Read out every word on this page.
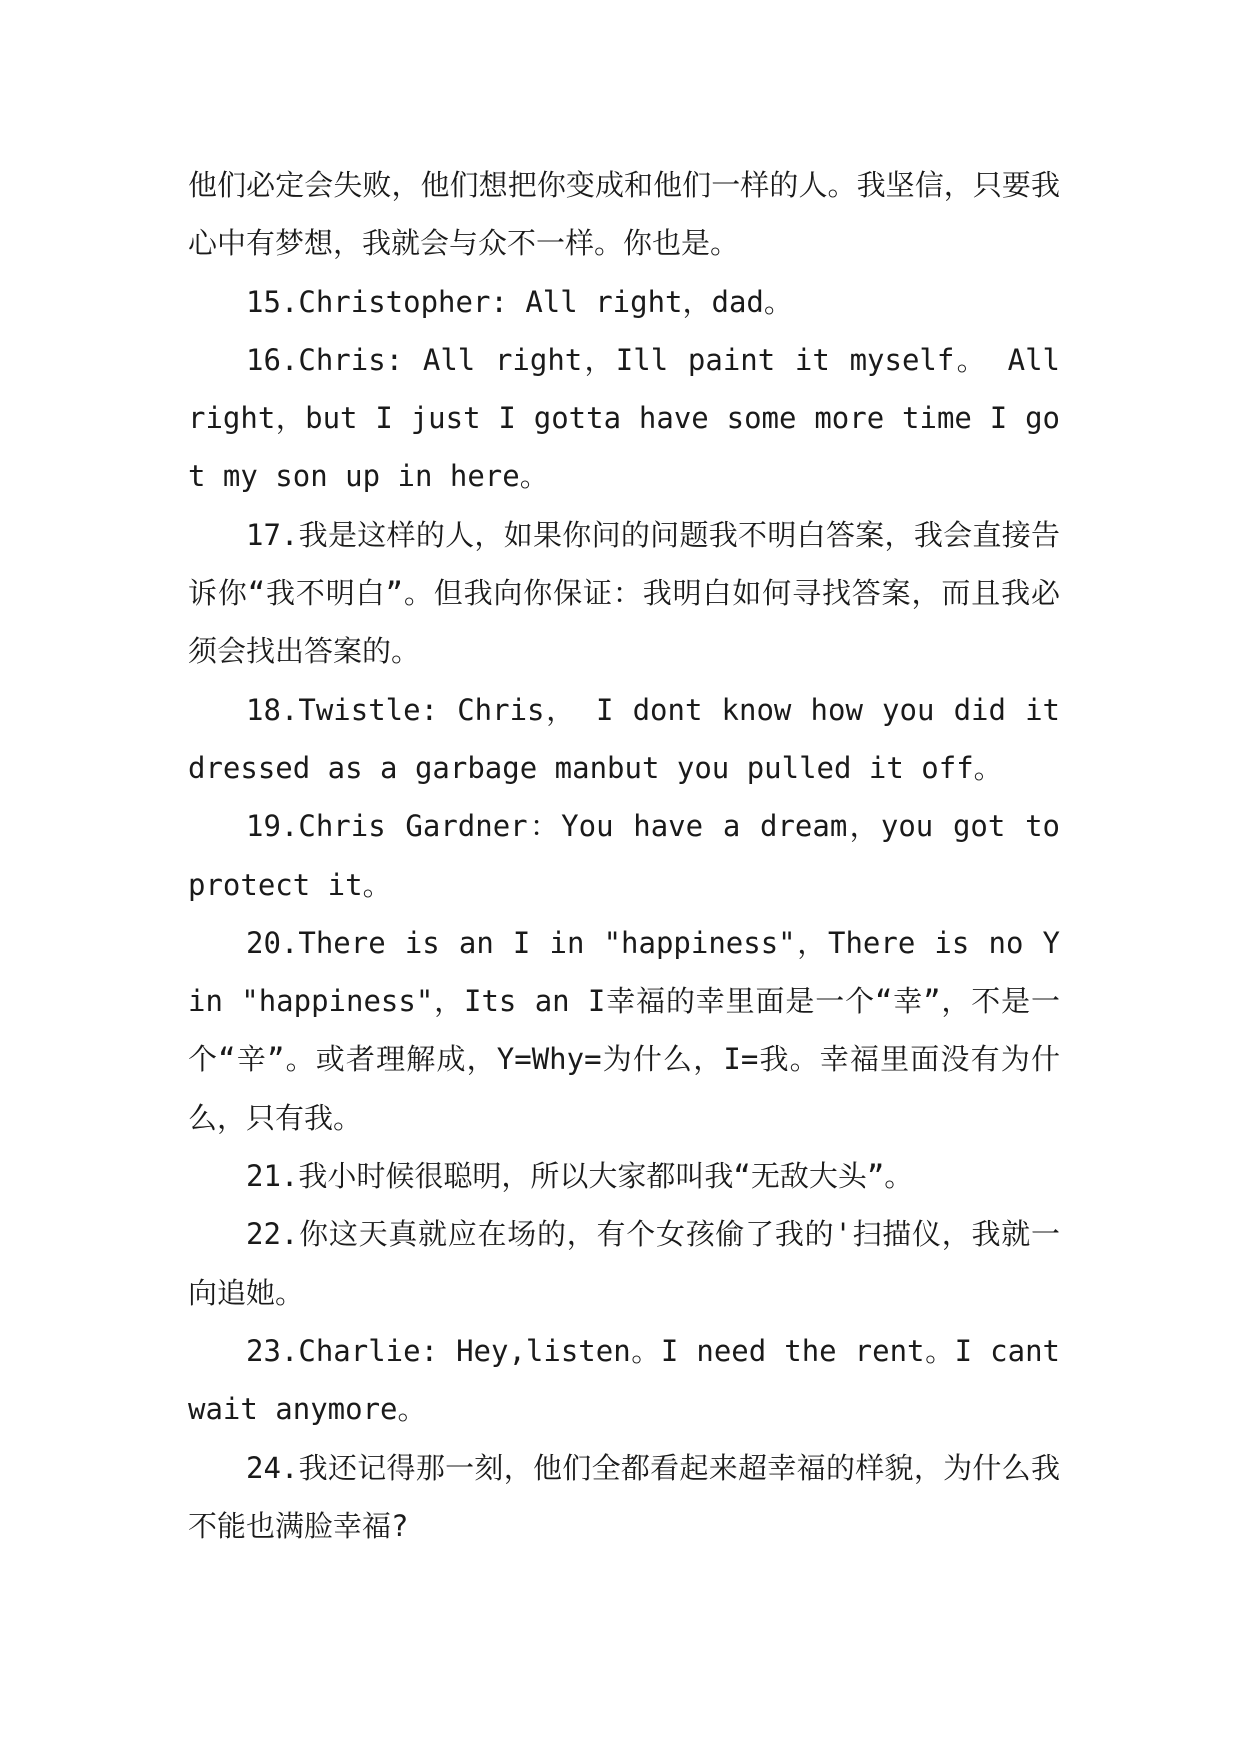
他们必定会失败，他们想把你变成和他们一样的人。我坚信，只要我心中有梦想，我就会与众不一样。你也是。

15.Christopher: All right，dad。

16.Chris: All right，Ill paint it myself。 All right，but I just I gotta have some more time I got my son up in here。

17.我是这样的人，如果你问的问题我不明白答案，我会直接告诉你“我不明白”。但我向你保证：我明白如何寻找答案，而且我必须会找出答案的。

18.Twistle: Chris， I dont know how you did it dressed as a garbage manbut you pulled it off。

19.Chris Gardner：You have a dream，you got to protect it。

20.There is an I in "happiness"，There is no Y in "happiness"，Its an I幸福的幸里面是一个“幸”，不是一个“辛”。或者理解成，Y=Why=为什么，I=我。幸福里面没有为什么，只有我。

21.我小时候很聪明，所以大家都叫我“无敌大头”。

22.你这天真就应在场的，有个女孩偷了我的'扫描仪，我就一向追她。

23.Charlie: Hey,listen。I need the rent。I cant wait anymore。

24.我还记得那一刻，他们全都看起来超幸福的样貌，为什么我不能也满脸幸福?
